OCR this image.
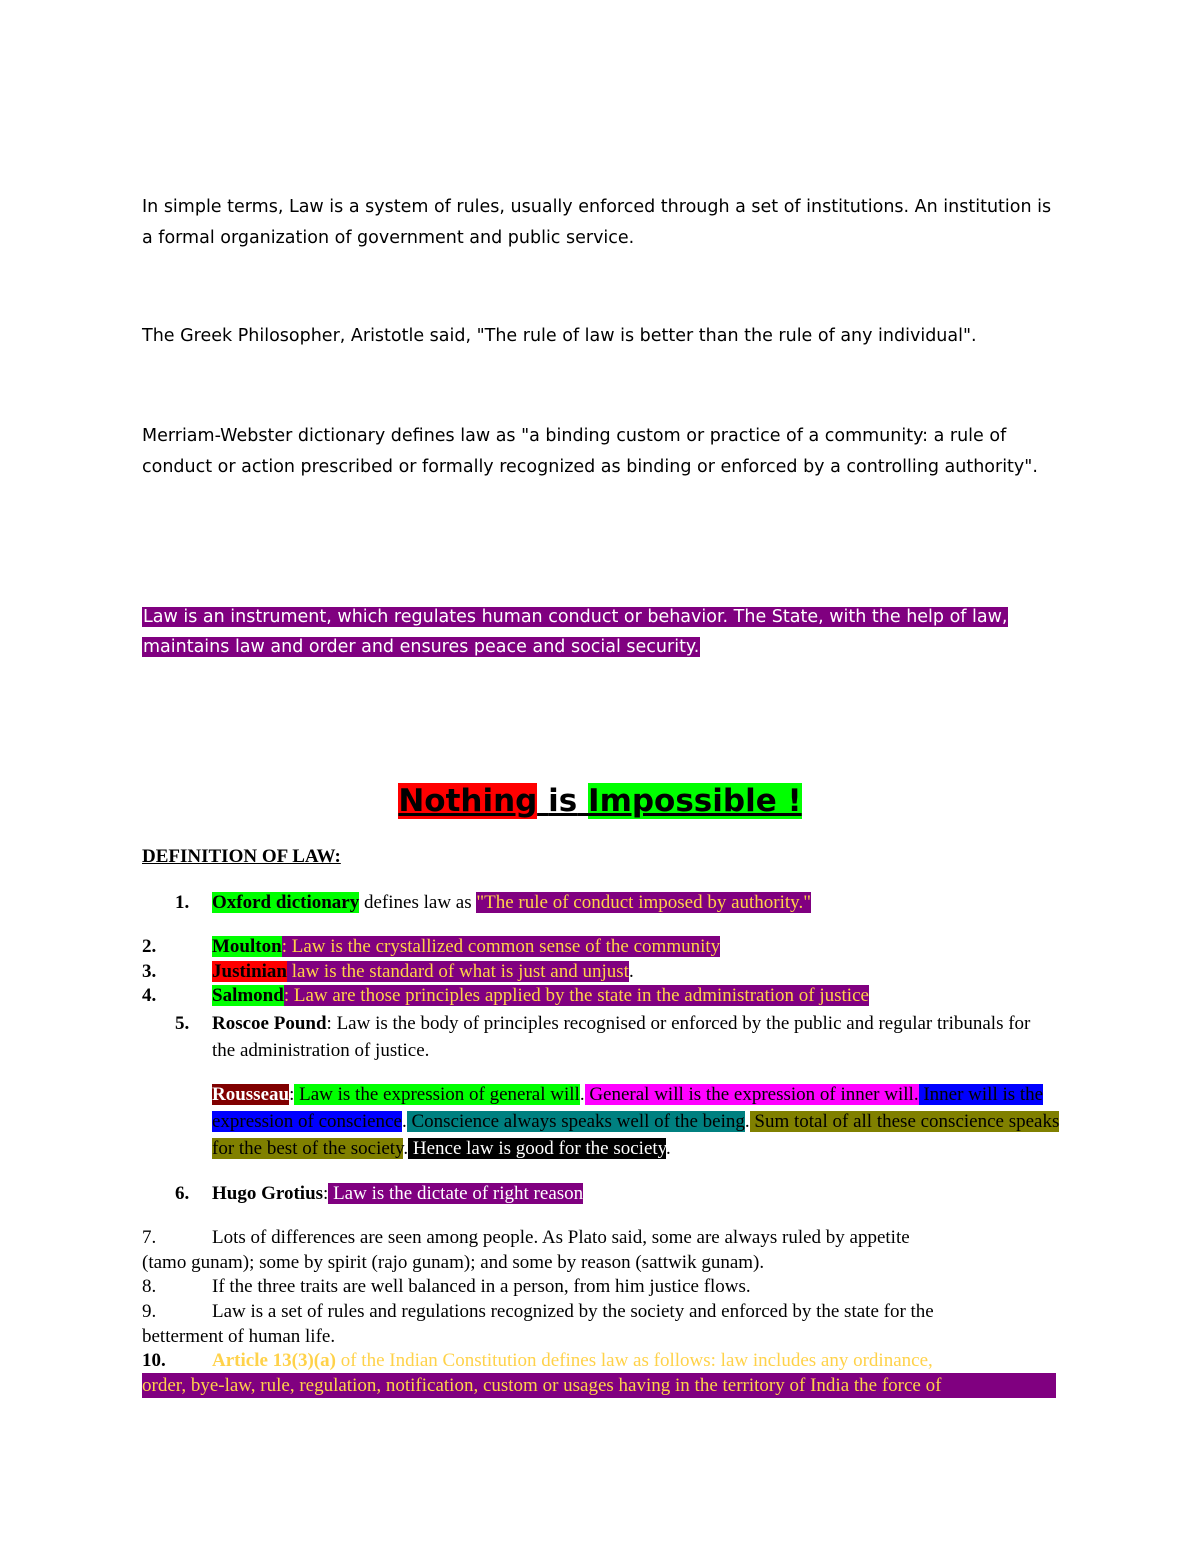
In simple terms, Law is a system of rules, usually enforced through a set of institutions. An institution is a formal organization of government and public service.
The Greek Philosopher, Aristotle said, "The rule of law is better than the rule of any individual".
Merriam-Webster dictionary defines law as "a binding custom or practice of a community: a rule of conduct or action prescribed or formally recognized as binding or enforced by a controlling authority".
Law is an instrument, which regulates human conduct or behavior. The State, with the help of law,
maintains law and order and ensures peace and social security.
Nothing is Impossible !
DEFINITION OF LAW:
1. Oxford dictionary defines law as "The rule of conduct imposed by authority."
2.	Moulton: Law is the crystallized common sense of the community
3.	Justinian law is the standard of what is just and unjust.
4.	Salmond: Law are those principles applied by the state in the administration of justice
5. Roscoe Pound: Law is the body of principles recognised or enforced by the public and regular tribunals for the administration of justice.
Rousseau: Law is the expression of general will. General will is the expression of inner will. Inner will is the expression of conscience. Conscience always speaks well of the being. Sum total of all these conscience speaks for the best of the society. Hence law is good for the society.
6. Hugo Grotius: Law is the dictate of right reason
7.	Lots of differences are seen among people. As Plato said, some are always ruled by appetite
(tamo gunam); some by spirit (rajo gunam); and some by reason (sattwik gunam).
8.	If the three traits are well balanced in a person, from him justice flows.
9.	Law is a set of rules and regulations recognized by the society and enforced by the state for the
betterment of human life.
10. Article 13(3)(a) of the Indian Constitution defines law as follows: law includes any ordinance,
order, bye-law, rule, regulation, notification, custom or usages having in the territory of India the force of
